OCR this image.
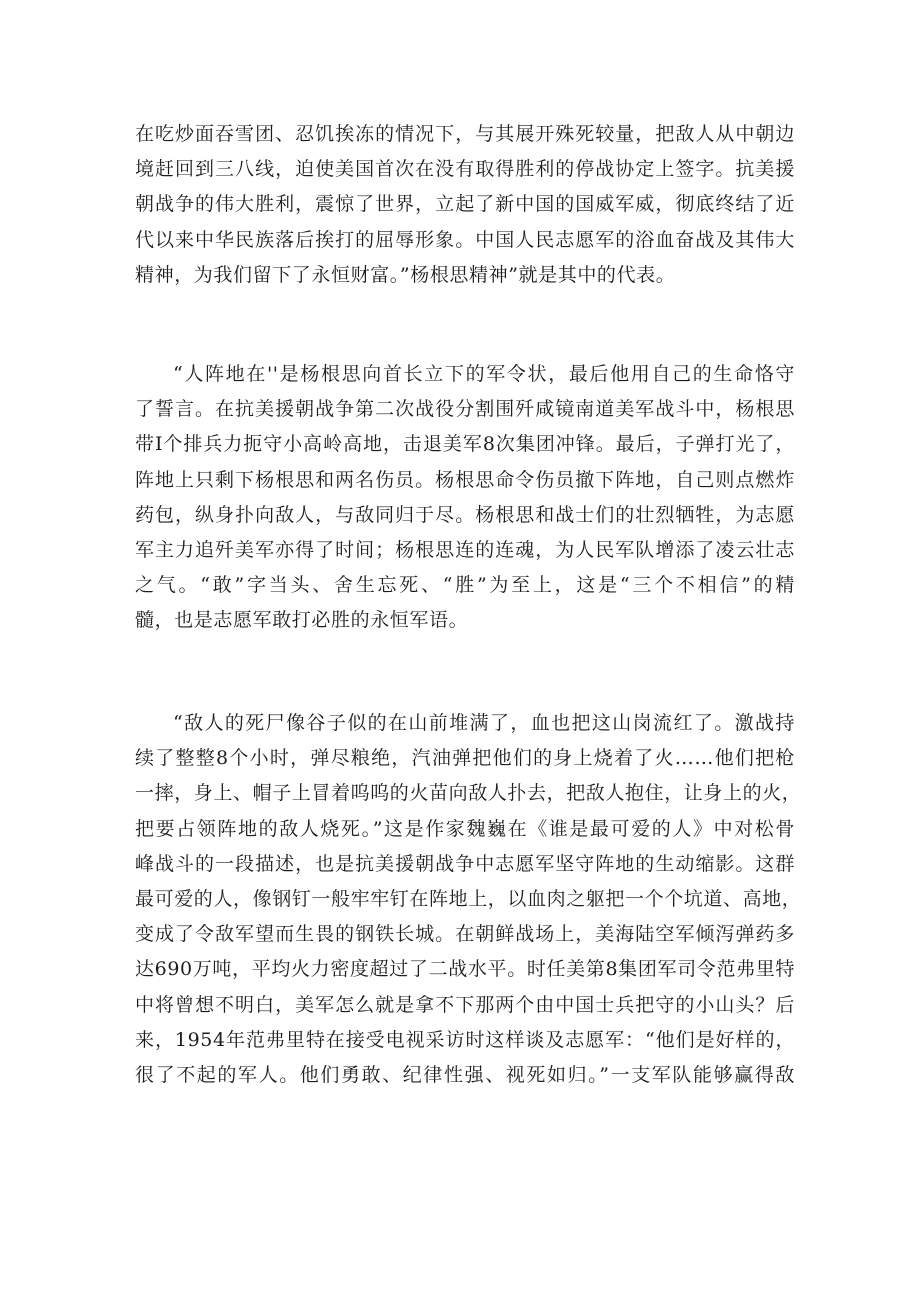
在吃炒面吞雪团、忍饥挨冻的情况下，与其展开殊死较量，把敌人从中朝边
境赶回到三八线，迫使美国首次在没有取得胜利的停战协定上签字。抗美援
朝战争的伟大胜利，震惊了世界，立起了新中国的国威军威，彻底终结了近
代以来中华民族落后挨打的屈辱形象。中国人民志愿军的浴血奋战及其伟大
精神，为我们留下了永恒财富。”杨根思精神”就是其中的代表。
“人阵地在''是杨根思向首长立下的军令状，最后他用自己的生命恪守
了誓言。在抗美援朝战争第二次战役分割围歼咸镜南道美军战斗中，杨根思
带I个排兵力扼守小高岭高地，击退美军8次集团冲锋。最后，子弹打光了，
阵地上只剩下杨根思和两名伤员。杨根思命令伤员撤下阵地，自己则点燃炸
药包，纵身扑向敌人，与敌同归于尽。杨根思和战士们的壮烈牺牲，为志愿
军主力追歼美军亦得了时间；杨根思连的连魂，为人民军队增添了凌云壮志
之气。“敢”字当头、舍生忘死、“胜”为至上，这是“三个不相信”的精
髓，也是志愿军敢打必胜的永恒军语。
“敌人的死尸像谷子似的在山前堆满了，血也把这山岗流红了。激战持
续了整整8个小时，弹尽粮绝，汽油弹把他们的身上烧着了火……他们把枪
一摔，身上、帽子上冒着呜呜的火苗向敌人扑去，把敌人抱住，让身上的火，
把要占领阵地的敌人烧死。”这是作家魏巍在《谁是最可爱的人》中对松骨
峰战斗的一段描述，也是抗美援朝战争中志愿军坚守阵地的生动缩影。这群
最可爱的人，像钢钉一般牢牢钉在阵地上，以血肉之躯把一个个坑道、高地，
变成了令敌军望而生畏的钢铁长城。在朝鲜战场上，美海陆空军倾泻弹药多
达690万吨，平均火力密度超过了二战水平。时任美第8集团军司令范弗里特
中将曾想不明白，美军怎么就是拿不下那两个由中国士兵把守的小山头？后
来，1954年范弗里特在接受电视采访时这样谈及志愿军：“他们是好样的，
很了不起的军人。他们勇敢、纪律性强、视死如归。”一支军队能够赢得敌
